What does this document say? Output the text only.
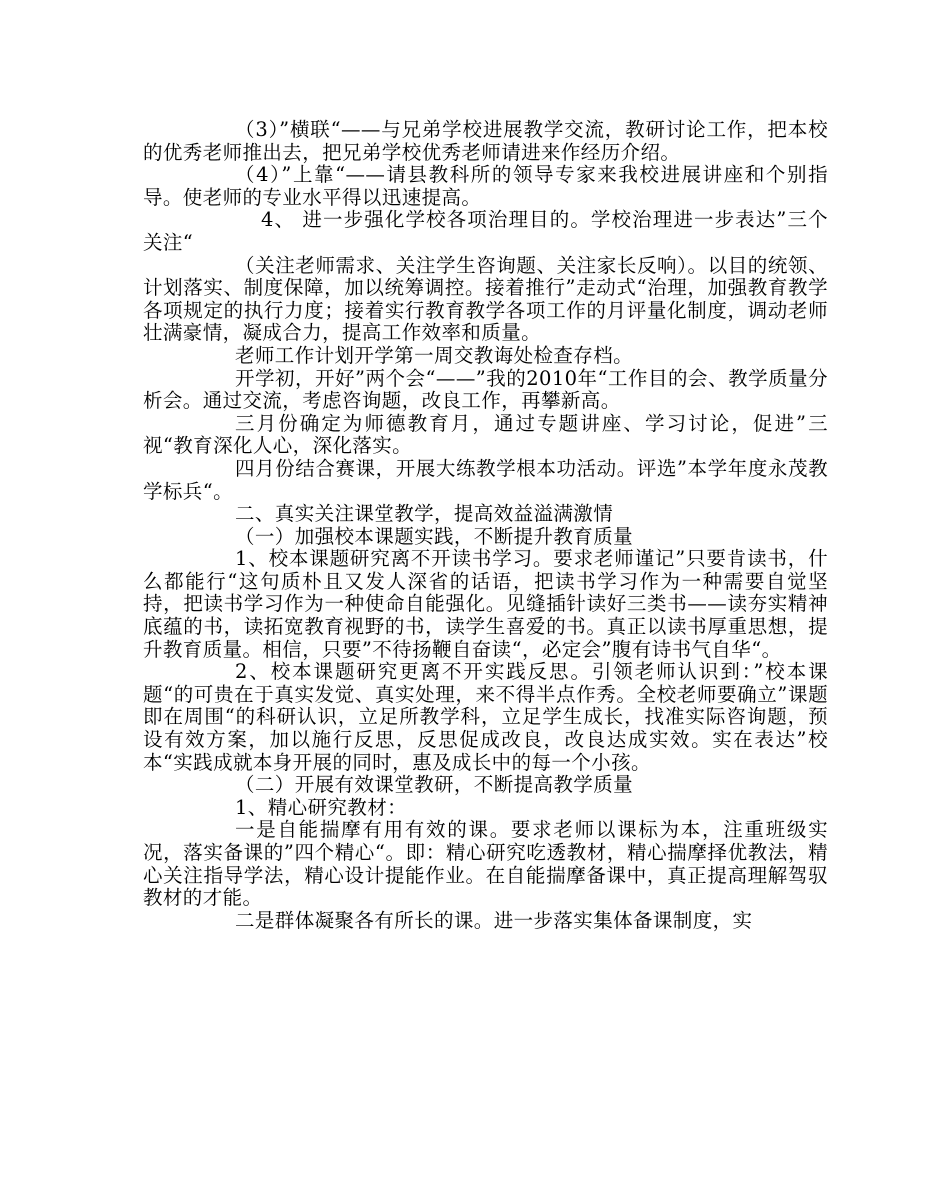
（3）”横联“——与兄弟学校进展教学交流，教研讨论工作，把本校的优秀老师推出去，把兄弟学校优秀老师请进来作经历介绍。

（4）”上靠“——请县教科所的领导专家来我校进展讲座和个别指导。使老师的专业水平得以迅速提高。

4、 进一步强化学校各项治理目的。学校治理进一步表达”三个关注“

（关注老师需求、关注学生咨询题、关注家长反响）。以目的统领、计划落实、制度保障，加以统筹调控。接着推行”走动式“治理，加强教育教学各项规定的执行力度；接着实行教育教学各项工作的月评量化制度，调动老师壮满豪情，凝成合力，提高工作效率和质量。

老师工作计划开学第一周交教诲处检查存档。

开学初，开好”两个会“——”我的2010年“工作目的会、教学质量分析会。通过交流，考虑咨询题，改良工作，再攀新高。

三月份确定为师德教育月，通过专题讲座、学习讨论，促进”三视“教育深化人心，深化落实。

四月份结合赛课，开展大练教学根本功活动。评选”本学年度永茂教学标兵“。

二、真实关注课堂教学，提高效益溢满激情

（一）加强校本课题实践，不断提升教育质量

1、校本课题研究离不开读书学习。要求老师谨记”只要肯读书，什么都能行“这句质朴且又发人深省的话语，把读书学习作为一种需要自觉坚持，把读书学习作为一种使命自能强化。见缝插针读好三类书——读夯实精神底蕴的书，读拓宽教育视野的书，读学生喜爱的书。真正以读书厚重思想，提升教育质量。相信，只要”不待扬鞭自奋读“，必定会”腹有诗书气自华“。

2、校本课题研究更离不开实践反思。引领老师认识到：”校本课题“的可贵在于真实发觉、真实处理，来不得半点作秀。全校老师要确立”课题即在周围“的科研认识，立足所教学科，立足学生成长，找准实际咨询题，预设有效方案，加以施行反思，反思促成改良，改良达成实效。实在表达”校本“实践成就本身开展的同时，惠及成长中的每一个小孩。

（二）开展有效课堂教研，不断提高教学质量

1、精心研究教材：

一是自能揣摩有用有效的课。要求老师以课标为本，注重班级实况，落实备课的”四个精心“。即：精心研究吃透教材，精心揣摩择优教法，精心关注指导学法，精心设计提能作业。在自能揣摩备课中，真正提高理解驾驭教材的才能。

二是群体凝聚各有所长的课。进一步落实集体备课制度，实
